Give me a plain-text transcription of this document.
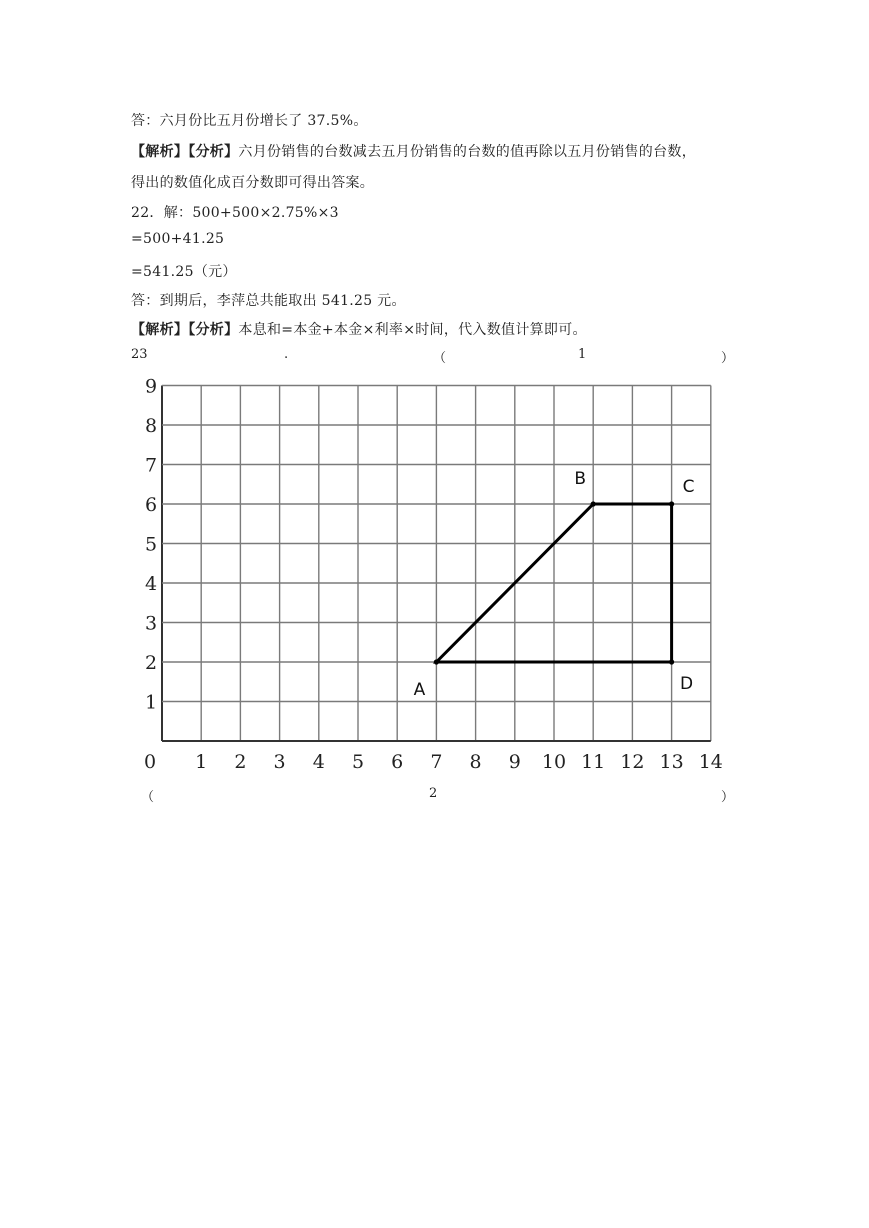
答：六月份比五月份增长了 37.5%。
【解析】【分析】六月份销售的台数减去五月份销售的台数的值再除以五月份销售的台数，
得出的数值化成百分数即可得出答案。
22．解：500+500×2.75%×3
=500+41.25
=541.25（元）
答：到期后，李萍总共能取出 541.25 元。
【解析】【分析】本息和=本金+本金×利率×时间，代入数值计算即可。
23	.	（	1	）
0 1 2 3 4 5 6 7 8 9 10 11 12 13 14
1
2
3
4
5
6
7
8
9
A
B	C
D
（	2	）
